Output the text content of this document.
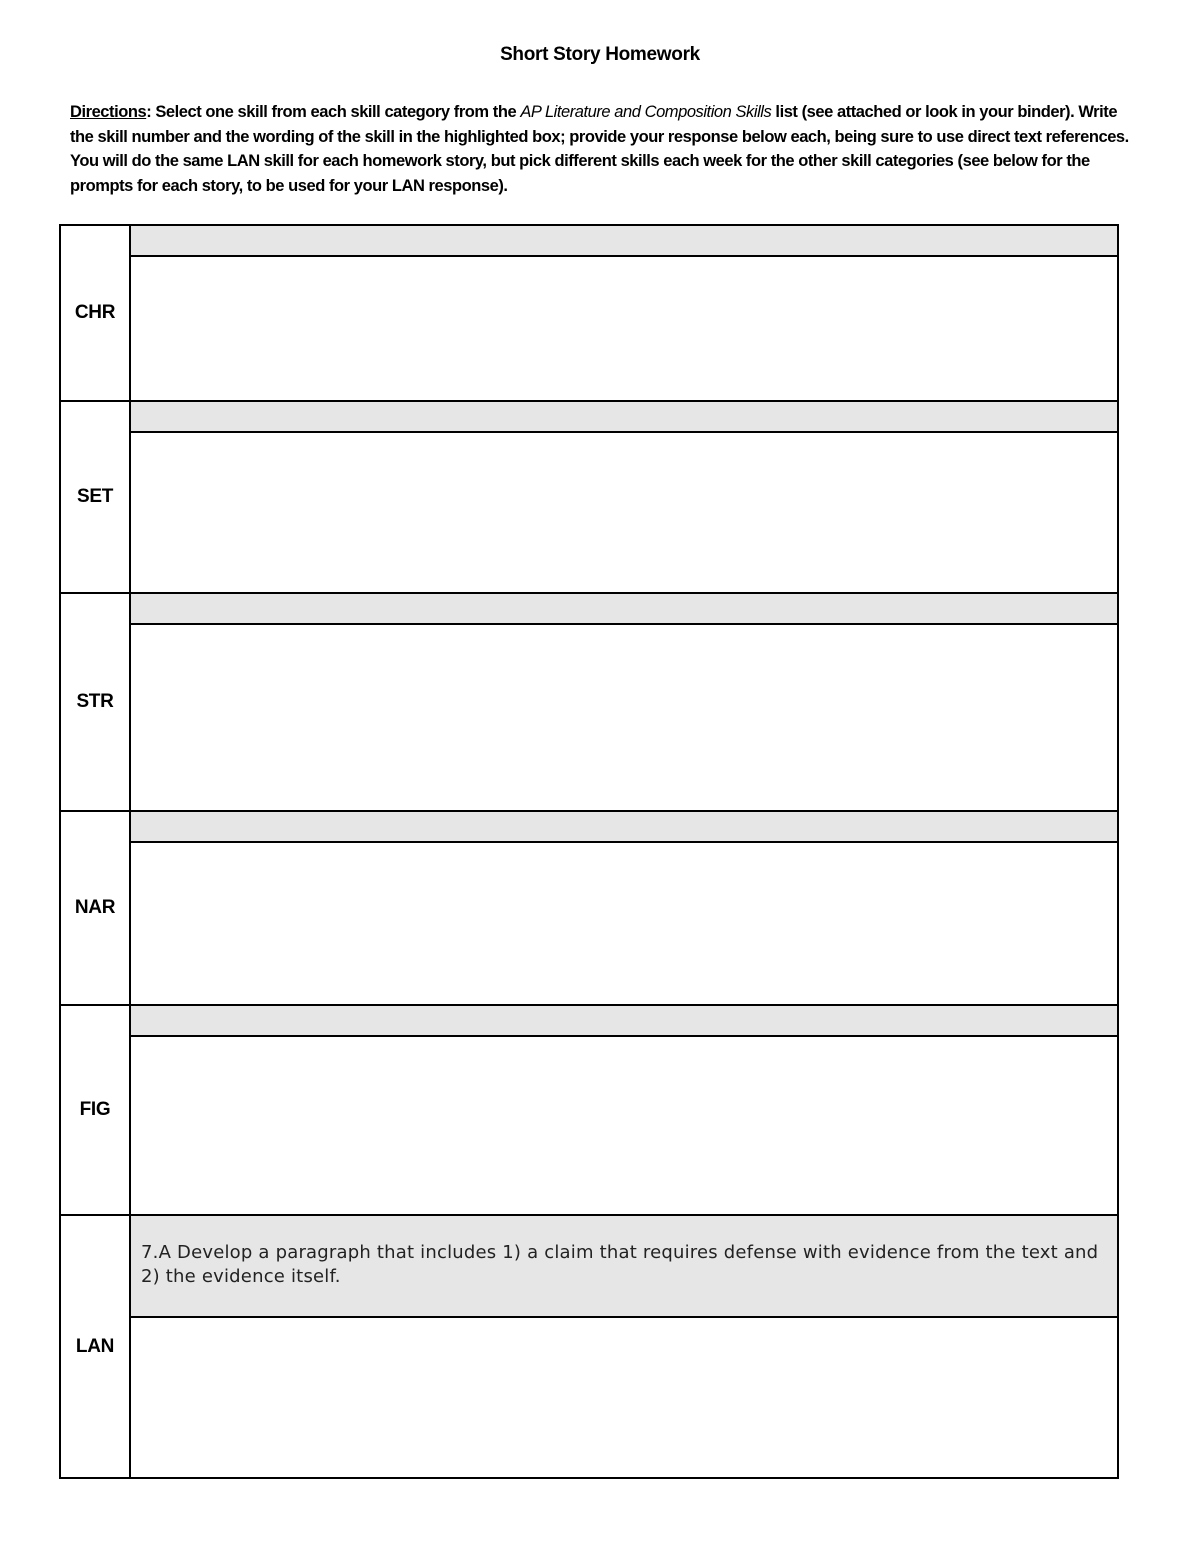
Short Story Homework
Directions: Select one skill from each skill category from the AP Literature and Composition Skills list (see attached or look in your binder). Write the skill number and the wording of the skill in the highlighted box; provide your response below each, being sure to use direct text references. You will do the same LAN skill for each homework story, but pick different skills each week for the other skill categories (see below for the prompts for each story, to be used for your LAN response).
CHR
SET
STR
NAR
FIG
LAN
7.A Develop a paragraph that includes 1) a claim that requires defense with evidence from the text and 2) the evidence itself.
